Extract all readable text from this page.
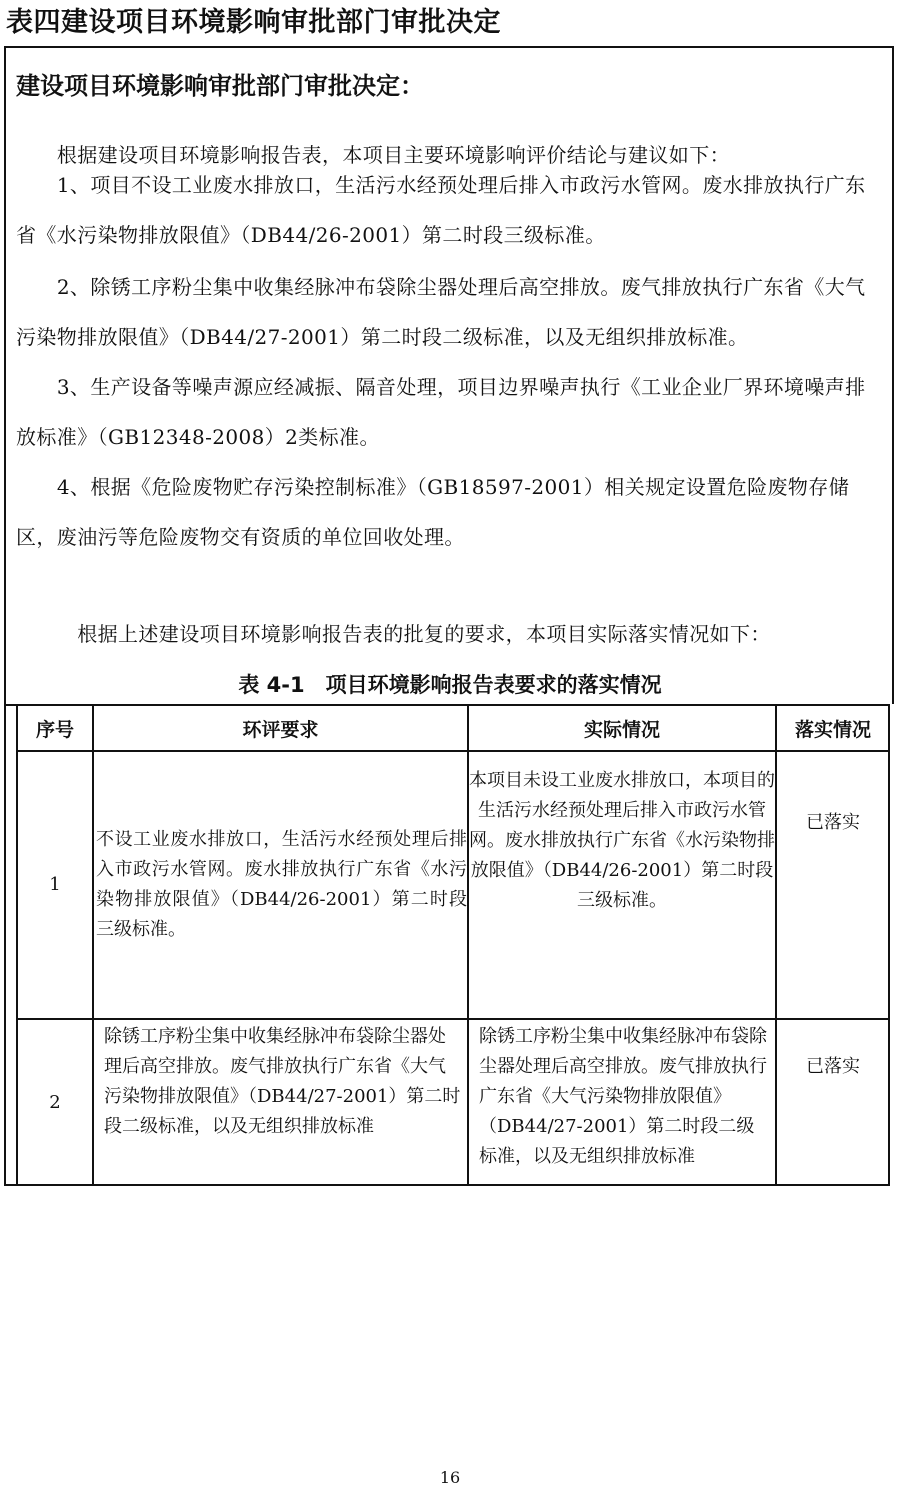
表四建设项目环境影响审批部门审批决定
建设项目环境影响审批部门审批决定：

　　根据建设项目环境影响报告表，本项目主要环境影响评价结论与建议如下：

　　1、项目不设工业废水排放口，生活污水经预处理后排入市政污水管网。废水排放执行广东省《水污染物排放限值》（DB44/26-2001）第二时段三级标准。

　　2、除锈工序粉尘集中收集经脉冲布袋除尘器处理后高空排放。废气排放执行广东省《大气污染物排放限值》（DB44/27-2001）第二时段二级标准，以及无组织排放标准。

　　3、生产设备等噪声源应经减振、隔音处理，项目边界噪声执行《工业企业厂界环境噪声排放标准》（GB12348-2008）2类标准。

　　4、根据《危险废物贮存污染控制标准》（GB18597-2001）相关规定设置危险废物存储区，废油污等危险废物交有资质的单位回收处理。

　　　根据上述建设项目环境影响报告表的批复的要求，本项目实际落实情况如下：

表 4-1　项目环境影响报告表要求的落实情况

序号	环评要求	实际情况	落实情况
1	不设工业废水排放口，生活污水经预处理后排入市政污水管网。废水排放执行广东省《水污染物排放限值》（DB44/26-2001）第二时段三级标准。	本项目未设工业废水排放口，本项目的生活污水经预处理后排入市政污水管网。废水排放执行广东省《水污染物排放限值》（DB44/26-2001）第二时段三级标准。	已落实
2	除锈工序粉尘集中收集经脉冲布袋除尘器处理后高空排放。废气排放执行广东省《大气污染物排放限值》（DB44/27-2001）第二时段二级标准，以及无组织排放标准	除锈工序粉尘集中收集经脉冲布袋除尘器处理后高空排放。废气排放执行广东省《大气污染物排放限值》（DB44/27-2001）第二时段二级标准，以及无组织排放标准	已落实

16
